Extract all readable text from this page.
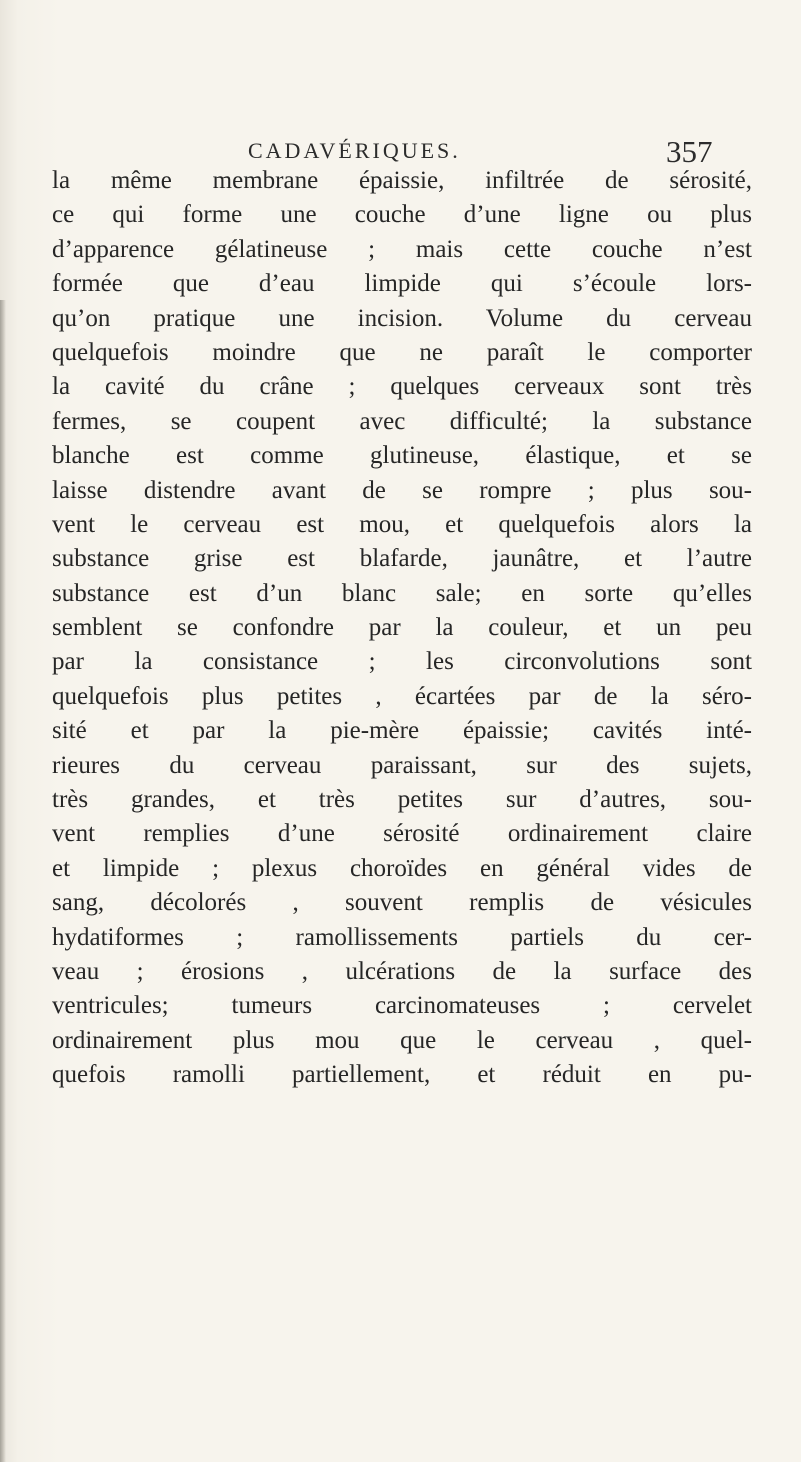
CADAVÉRIQUES.	357
la même membrane épaissie, infiltrée de sérosité,
ce qui forme une couche d’une ligne ou plus
d’apparence gélatineuse ; mais cette couche n’est
formée que d’eau limpide qui s’écoule lors-
qu’on pratique une incision. Volume du cerveau
quelquefois moindre que ne paraît le comporter
la cavité du crâne ; quelques cerveaux sont très
fermes, se coupent avec difficulté; la substance
blanche est comme glutineuse, élastique, et se
laisse distendre avant de se rompre ; plus sou-
vent le cerveau est mou, et quelquefois alors la
substance grise est blafarde, jaunâtre, et l’autre
substance est d’un blanc sale; en sorte qu’elles
semblent se confondre par la couleur, et un peu
par la consistance ; les circonvolutions sont
quelquefois plus petites , écartées par de la séro-
sité et par la pie-mère épaissie; cavités inté-
rieures du cerveau paraissant, sur des sujets,
très grandes, et très petites sur d’autres, sou-
vent remplies d’une sérosité ordinairement claire
et limpide ; plexus choroïdes en général vides de
sang, décolorés , souvent remplis de vésicules
hydatiformes ; ramollissements partiels du cer-
veau ; érosions , ulcérations de la surface des
ventricules; tumeurs carcinomateuses ; cervelet
ordinairement plus mou que le cerveau , quel-
quefois ramolli partiellement, et réduit en pu-
